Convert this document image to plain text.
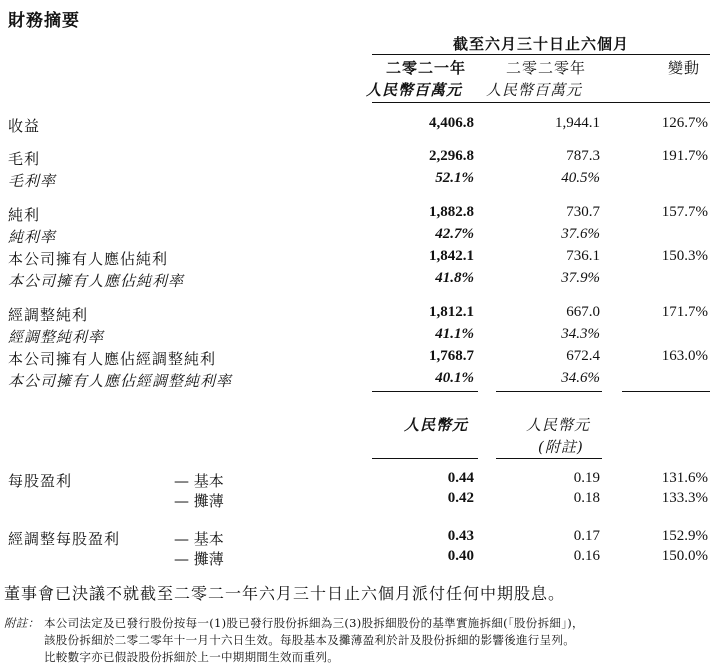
財務摘要
截至六月三十日止六個月
二零二一年	二零二零年	變動
人民幣百萬元 人民幣百萬元
收益	4,406.8	1,944.1	126.7%
毛利	2,296.8	787.3	191.7%
毛利率	52.1%	40.5%
純利	1,882.8	730.7	157.7%
純利率	42.7%	37.6%
本公司擁有人應佔純利	1,842.1	736.1	150.3%
本公司擁有人應佔純利率	41.8%	37.9%
經調整純利	1,812.1	667.0	171.7%
經調整純利率	41.1%	34.3%
本公司擁有人應佔經調整純利	1,768.7	672.4	163.0%
本公司擁有人應佔經調整純利率	40.1%	34.6%
人民幣元	人民幣元
(附註)
每股盈利	— 基本	0.44	0.19	131.6%
— 攤薄	0.42	0.18	133.3%
經調整每股盈利	— 基本	0.43	0.17	152.9%
— 攤薄	0.40	0.16	150.0%
董事會已決議不就截至二零二一年六月三十日止六個月派付任何中期股息。
附註： 本公司法定及已發行股份按每一(1)股已發行股份拆細為三(3)股拆細股份的基準實施拆細(「股份拆細」)，
該股份拆細於二零二零年十一月十六日生效。每股基本及攤薄盈利於計及股份拆細的影響後進行呈列。
比較數字亦已假設股份拆細於上一中期期間生效而重列。
